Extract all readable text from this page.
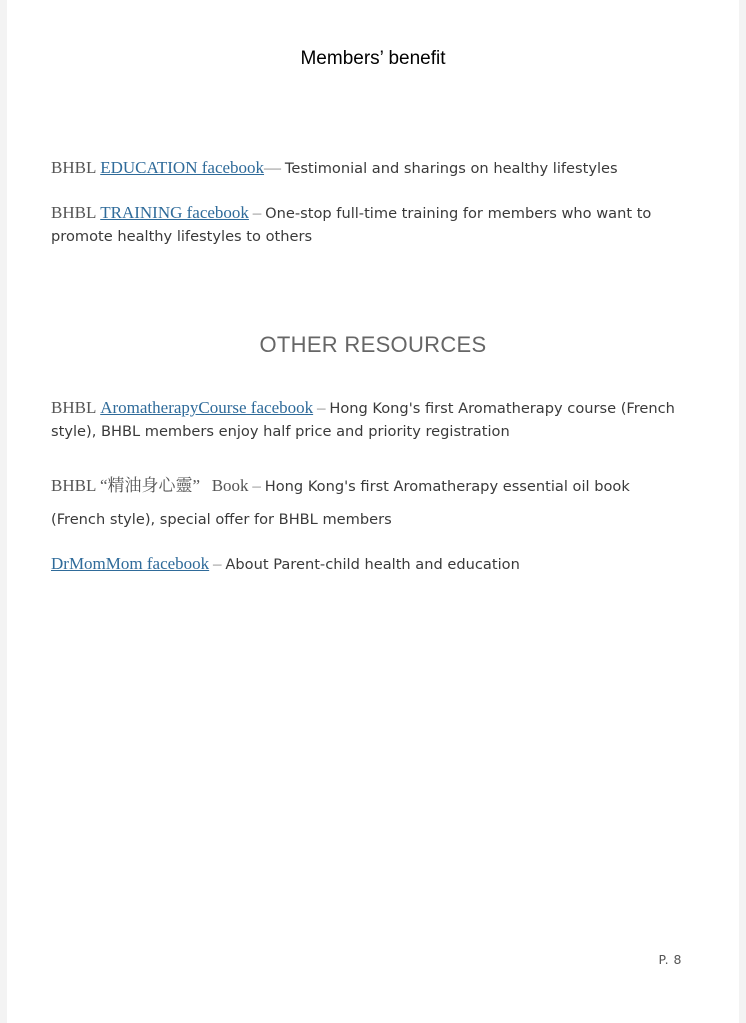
Members’ benefit
BHBL EDUCATION facebook— Testimonial and sharings on healthy lifestyles
BHBL TRAINING facebook – One-stop full-time training for members who want to promote healthy lifestyles to others
OTHER RESOURCES
BHBL AromatherapyCourse facebook – Hong Kong's first Aromatherapy course (French style), BHBL members enjoy half price and priority registration
BHBL “精油身心靈” Book – Hong Kong's first Aromatherapy essential oil book
(French style), special offer for BHBL members
DrMomMom facebook – About Parent-child health and education
P. 8
